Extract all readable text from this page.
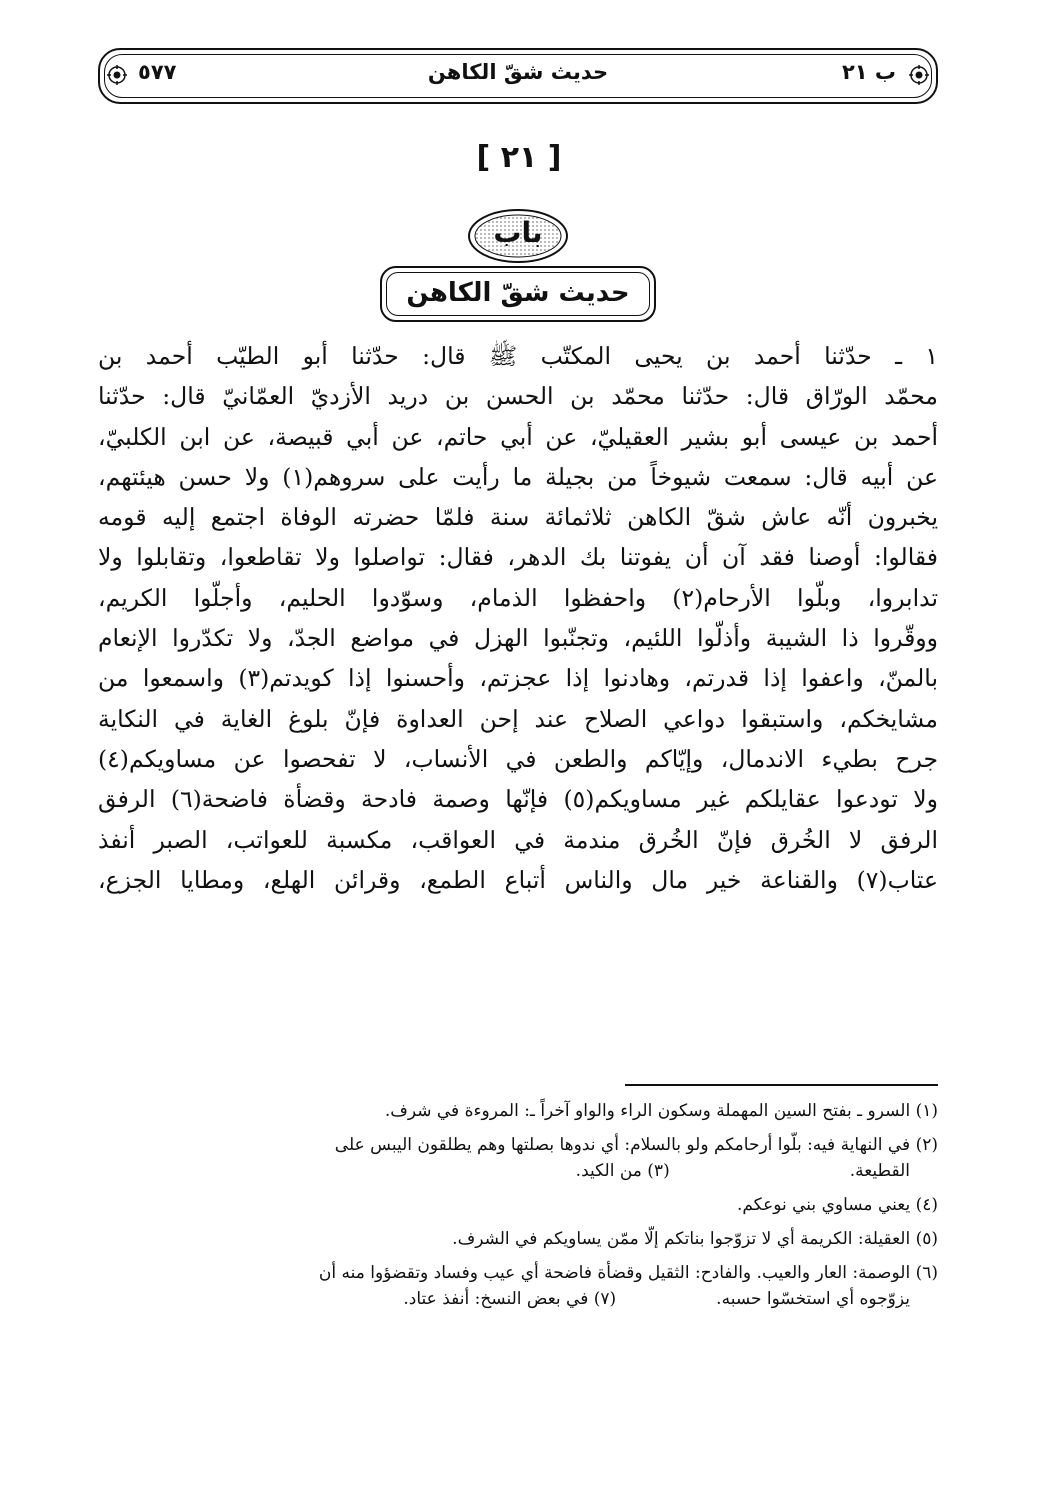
ب ٢١
حديث شقّ الكاهن
٥٧٧
[ ٢١ ]
باب
حديث شقّ الكاهن
١ ـ حدّثنا أحمد بن يحيى المكتّب ﷺ قال: حدّثنا أبو الطيّب أحمد بن
محمّد الورّاق قال: حدّثنا محمّد بن الحسن بن دريد الأزديّ العمّانيّ قال: حدّثنا
أحمد بن عيسى أبو بشير العقيليّ، عن أبي حاتم، عن أبي قبيصة، عن ابن الكلبيّ،
عن أبيه قال: سمعت شيوخاً من بجيلة ما رأيت على سروهم(١) ولا حسن هيئتهم،
يخبرون أنّه عاش شقّ الكاهن ثلاثمائة سنة فلمّا حضرته الوفاة اجتمع إليه قومه
فقالوا: أوصنا فقد آن أن يفوتنا بك الدهر، فقال: تواصلوا ولا تقاطعوا، وتقابلوا ولا
تدابروا، وبلّوا الأرحام(٢) واحفظوا الذمام، وسوّدوا الحليم، وأجلّوا الكريم،
ووقّروا ذا الشيبة وأذلّوا اللئيم، وتجنّبوا الهزل في مواضع الجدّ، ولا تكدّروا الإنعام
بالمنّ، واعفوا إذا قدرتم، وهادنوا إذا عجزتم، وأحسنوا إذا كويدتم(٣) واسمعوا من
مشايخكم، واستبقوا دواعي الصلاح عند إحن العداوة فإنّ بلوغ الغاية في النكاية
جرح بطيء الاندمال، وإيّاكم والطعن في الأنساب، لا تفحصوا عن مساويكم(٤)
ولا تودعوا عقايلكم غير مساويكم(٥) فإنّها وصمة فادحة وقضأة فاضحة(٦) الرفق
الرفق لا الخُرق فإنّ الخُرق مندمة في العواقب، مكسبة للعواتب، الصبر أنفذ
عتاب(٧) والقناعة خير مال والناس أتباع الطمع، وقرائن الهلع، ومطايا الجزع،
(١) السرو ـ بفتح السين المهملة وسكون الراء والواو آخراً ـ: المروءة في شرف.
(٢) في النهاية فيه: بلّوا أرحامكم ولو بالسلام: أي ندوها بصلتها وهم يطلقون اليبس على
القطيعة.
(٣) من الكيد.
(٤) يعني مساوي بني نوعكم.
(٥) العقيلة: الكريمة أي لا تزوّجوا بناتكم إلّا ممّن يساويكم في الشرف.
(٦) الوصمة: العار والعيب. والفادح: الثقيل وقضأة فاضحة أي عيب وفساد وتقضؤوا منه أن
يزوّجوه أي استخسّوا حسبه.
(٧) في بعض النسخ: أنفذ عتاد.
